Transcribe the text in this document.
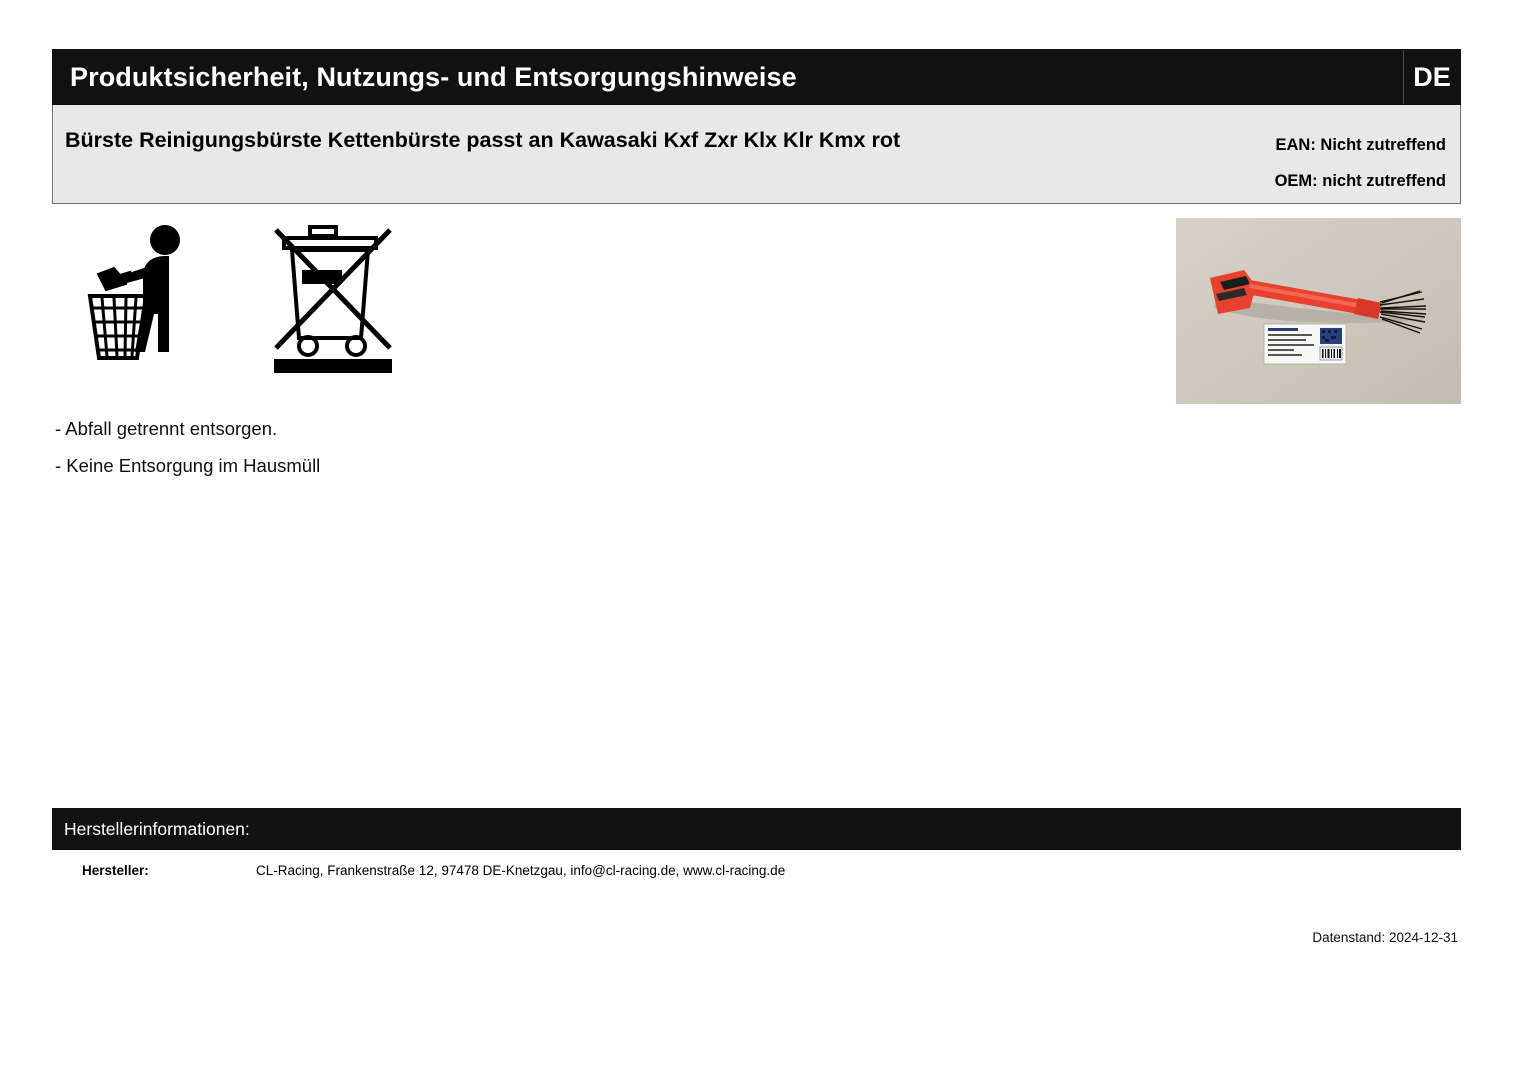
Produktsicherheit, Nutzungs- und Entsorgungshinweise	DE
Bürste Reinigungsbürste Kettenbürste passt an Kawasaki Kxf Zxr Klx Klr Kmx rot	EAN: Nicht zutreffend
OEM: nicht zutreffend
- Abfall getrennt entsorgen.
- Keine Entsorgung im Hausmüll
Herstellerinformationen:
Hersteller:	CL-Racing, Frankenstraße 12, 97478 DE-Knetzgau, info@cl-racing.de, www.cl-racing.de
Datenstand: 2024-12-31
